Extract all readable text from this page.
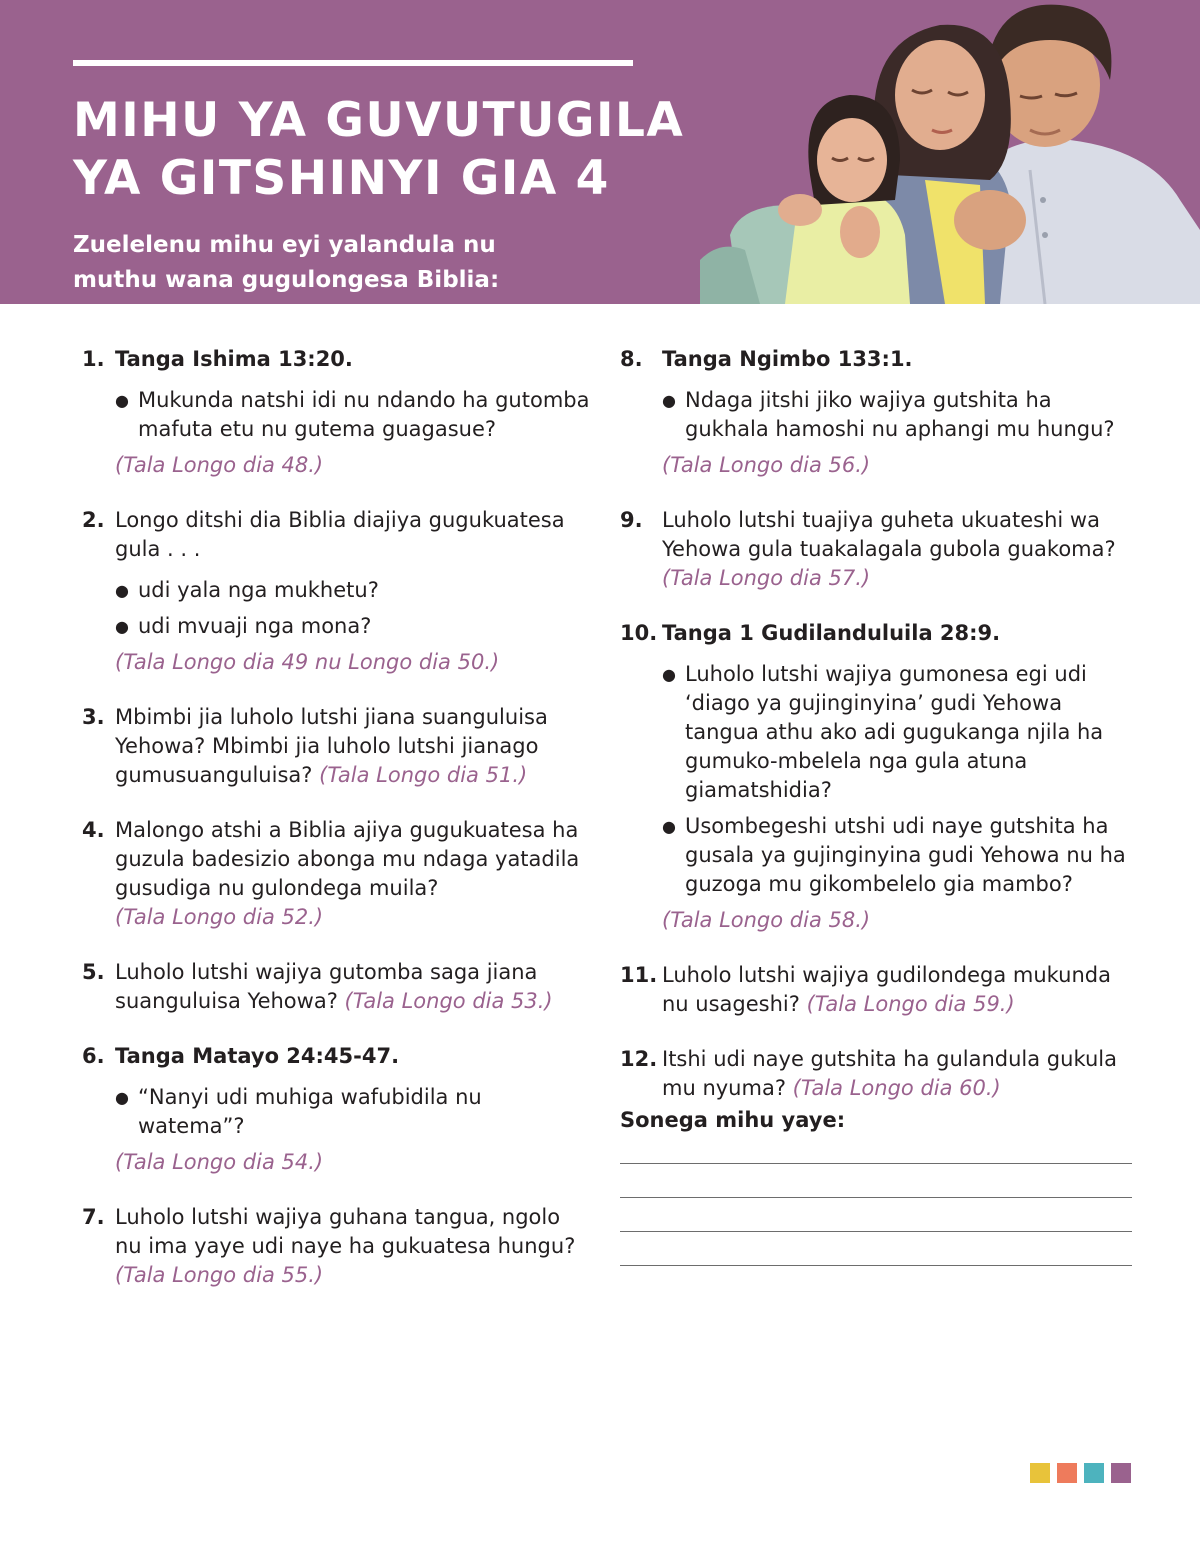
MIHU YA GUVUTUGILA
YA GITSHINYI GIA 4

Zuelelenu mihu eyi yalandula nu
muthu wana gugulongesa Biblia:

1. Tanga Ishima 13:20.
● Mukunda natshi idi nu ndando ha gutomba mafuta etu nu gutema guagasue?
(Tala Longo dia 48.)
2. Longo ditshi dia Biblia diajiya gugukuatesa gula . . .
● udi yala nga mukhetu?
● udi mvuaji nga mona?
(Tala Longo dia 49 nu Longo dia 50.)
3. Mbimbi jia luholo lutshi jiana suanguluisa Yehowa? Mbimbi jia luholo lutshi jianago gumusuanguluisa? (Tala Longo dia 51.)
4. Malongo atshi a Biblia ajiya gugukuatesa ha guzula badesizio abonga mu ndaga yatadila gusudiga nu gulondega muila?
(Tala Longo dia 52.)
5. Luholo lutshi wajiya gutomba saga jiana suanguluisa Yehowa? (Tala Longo dia 53.)
6. Tanga Matayo 24:45-47.
● “Nanyi udi muhiga wafubidila nu watema”?
(Tala Longo dia 54.)
7. Luholo lutshi wajiya guhana tangua, ngolo nu ima yaye udi naye ha gukuatesa hungu?
(Tala Longo dia 55.)
8. Tanga Ngimbo 133:1.
● Ndaga jitshi jiko wajiya gutshita ha gukhala hamoshi nu aphangi mu hungu?
(Tala Longo dia 56.)
9. Luholo lutshi tuajiya guheta ukuateshi wa Yehowa gula tuakalagala gubola guakoma?
(Tala Longo dia 57.)
10. Tanga 1 Gudilanduluila 28:9.
● Luholo lutshi wajiya gumonesa egi udi ‘diago ya gujinginyina’ gudi Yehowa tangua athu ako adi gugukanga njila ha gumuko-mbelela nga gula atuna giamatshidia?
● Usombegeshi utshi udi naye gutshita ha gusala ya gujinginyina gudi Yehowa nu ha guzoga mu gikombelelo gia mambo?
(Tala Longo dia 58.)
11. Luholo lutshi wajiya gudilondega mukunda nu usageshi? (Tala Longo dia 59.)
12. Itshi udi naye gutshita ha gulandula gukula mu nyuma? (Tala Longo dia 60.)
Sonega mihu yaye:
